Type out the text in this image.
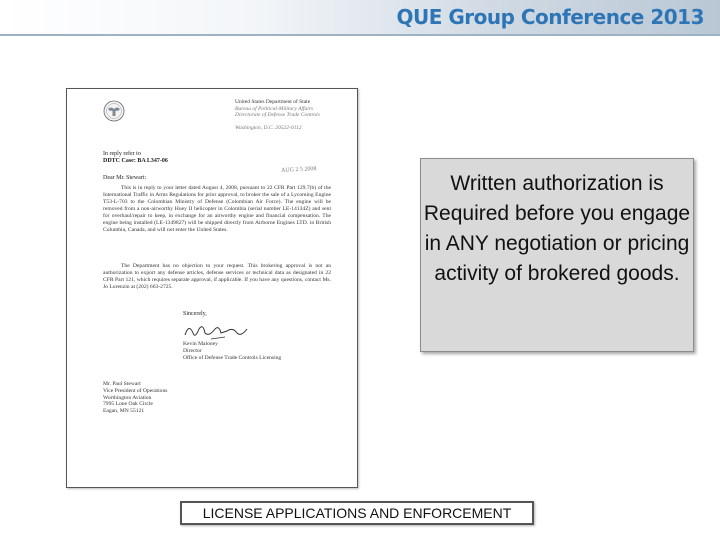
QUE Group Conference 2013
United States Department of State
Bureau of Political-Military Affairs
Directorate of Defense Trade Controls

Washington, D.C. 20522-0112
In reply refer to
DDTC Case: BA L347-06
AUG 2 5 2008
Dear Mr. Stewart:
This is in reply to your letter dated August 4, 2008, pursuant to 22 CFR Part 129.7(b) of the International Traffic in Arms Regulations for prior approval, to broker the sale of a Lycoming Engine T53-L-703 to the Colombian Ministry of Defense (Colombian Air Force). The engine will be removed from a non-airworthy Huey II helicopter in Colombia (serial number LE-14134Z) and sent for overhaul/repair to keep, in exchange for an airworthy engine and financial compensation. The engine being installed (LE-1349827) will be shipped directly from Airborne Engines LTD. in British Columbia, Canada, and will not enter the United States.
The Department has no objection to your request. This brokering approval is not an authorization to export any defense articles, defense services or technical data as designated in 22 CFR Part 121, which requires separate approval, if applicable. If you have any questions, contact Ms. Jo Lorenzin at (202) 663-2725.
Sincerely,
Kevin Maloney
Director
Office of Defense Trade Controls Licensing
Mr. Paul Stewart
Vice President of Operations
Worthington Aviation
7995 Lone Oak Circle
Eagan, MN 55121
Written authorization is Required before you engage in ANY negotiation or pricing activity of brokered goods.
LICENSE APPLICATIONS AND ENFORCEMENT
